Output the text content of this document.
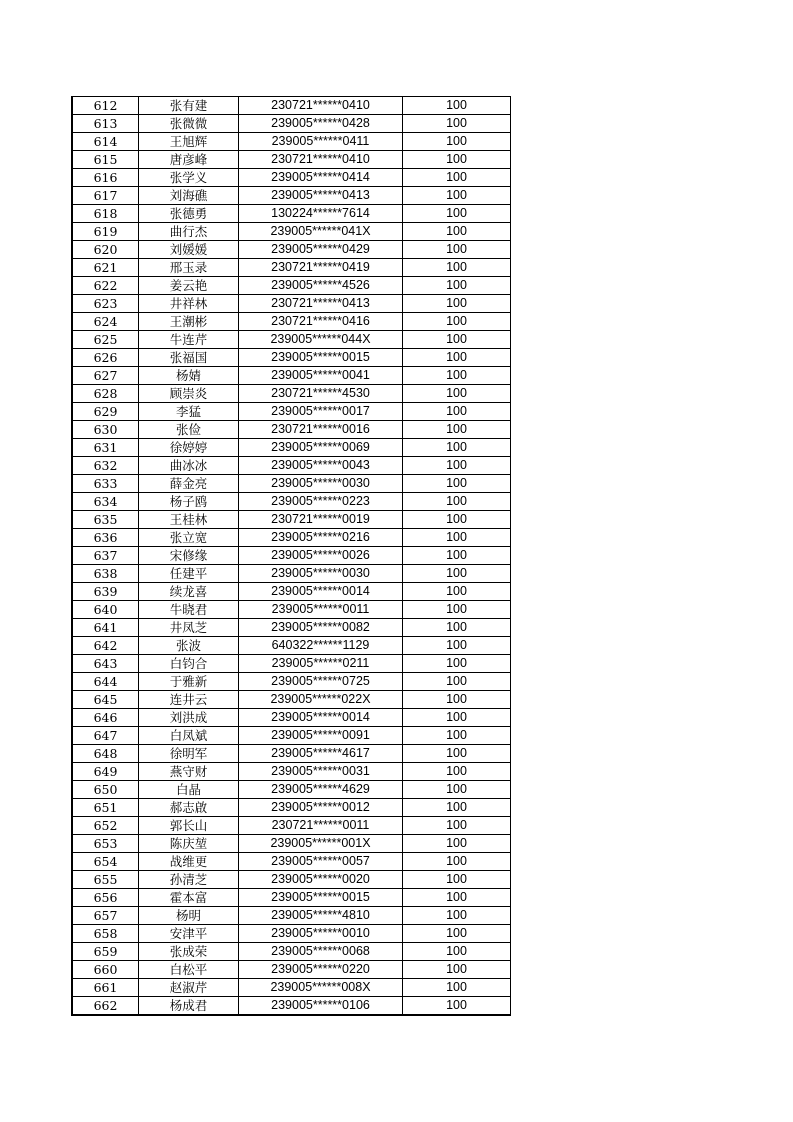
612	张有建	230721******0410	100
613	张微微	239005******0428	100
614	王旭辉	239005******0411	100
615	唐彦峰	230721******0410	100
616	张学义	239005******0414	100
617	刘海礁	239005******0413	100
618	张德勇	130224******7614	100
619	曲行杰	239005******041X	100
620	刘媛媛	239005******0429	100
621	邢玉录	230721******0419	100
622	姜云艳	239005******4526	100
623	井祥林	230721******0413	100
624	王潮彬	230721******0416	100
625	牛连芹	239005******044X	100
626	张福国	239005******0015	100
627	杨婧	239005******0041	100
628	顾崇炎	230721******4530	100
629	李猛	239005******0017	100
630	张俭	230721******0016	100
631	徐婷婷	239005******0069	100
632	曲冰冰	239005******0043	100
633	薛金亮	239005******0030	100
634	杨子鸥	239005******0223	100
635	王桂林	230721******0019	100
636	张立宽	239005******0216	100
637	宋修缘	239005******0026	100
638	任建平	239005******0030	100
639	续龙喜	239005******0014	100
640	牛晓君	239005******0011	100
641	井凤芝	239005******0082	100
642	张波	640322******1129	100
643	白钧合	239005******0211	100
644	于雅新	239005******0725	100
645	连井云	239005******022X	100
646	刘洪成	239005******0014	100
647	白凤斌	239005******0091	100
648	徐明军	239005******4617	100
649	燕守财	239005******0031	100
650	白晶	239005******4629	100
651	郝志啟	239005******0012	100
652	郭长山	230721******0011	100
653	陈庆堃	239005******001X	100
654	战维更	239005******0057	100
655	孙清芝	239005******0020	100
656	霍本富	239005******0015	100
657	杨明	239005******4810	100
658	安津平	239005******0010	100
659	张成荣	239005******0068	100
660	白松平	239005******0220	100
661	赵淑芹	239005******008X	100
662	杨成君	239005******0106	100
